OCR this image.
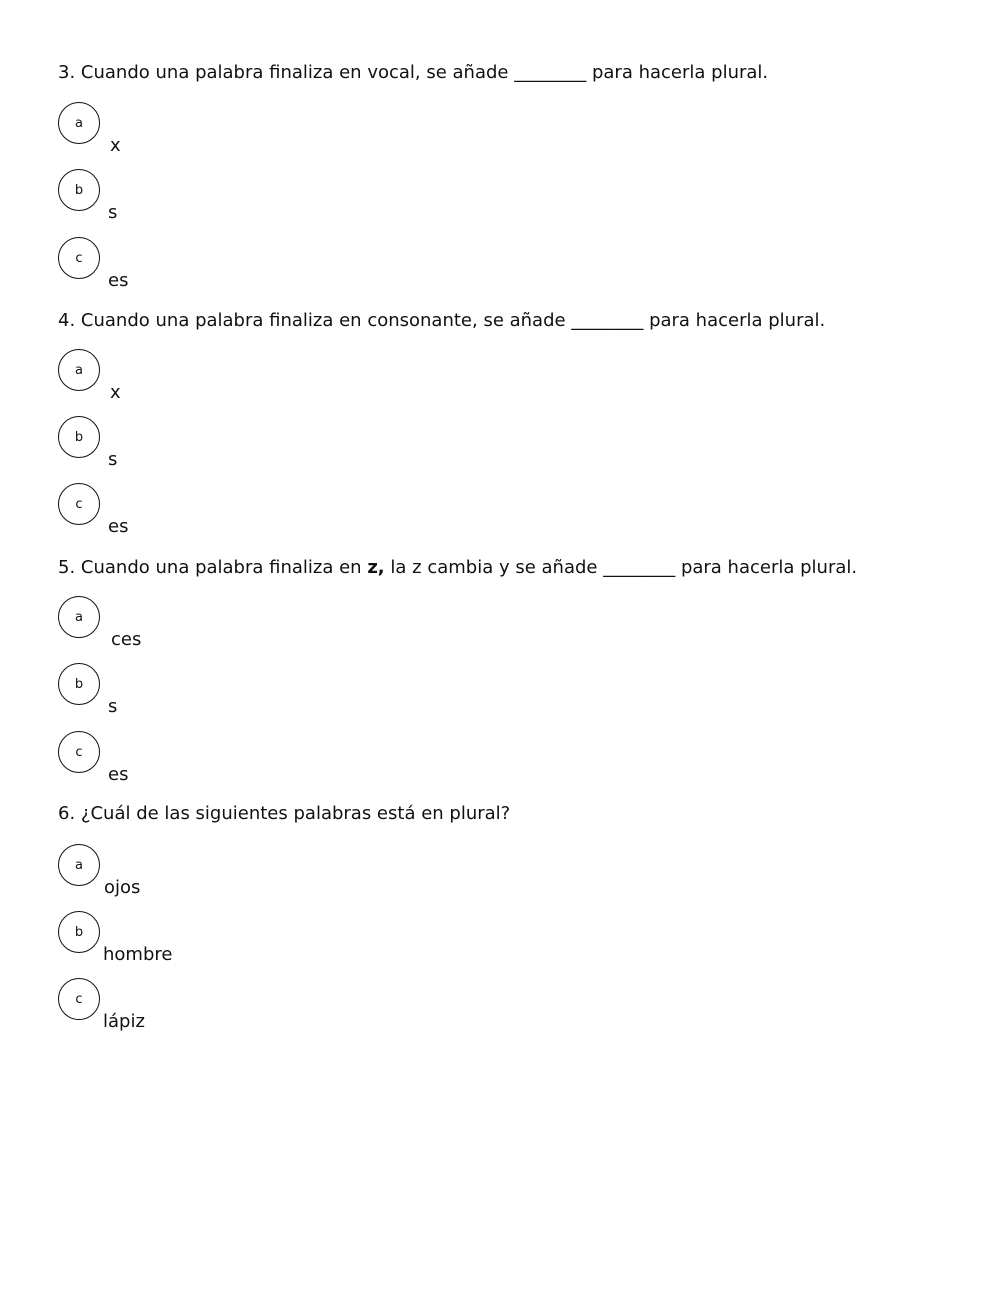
3. Cuando una palabra finaliza en vocal, se añade ________ para hacerla plural.
a
x
b
s
c
es
4. Cuando una palabra finaliza en consonante, se añade ________ para hacerla plural.
a
x
b
s
c
es
5. Cuando una palabra finaliza en z, la z cambia y se añade ________ para hacerla plural.
a
ces
b
s
c
es
6. ¿Cuál de las siguientes palabras está en plural?
a
ojos
b
hombre
c
lápiz
